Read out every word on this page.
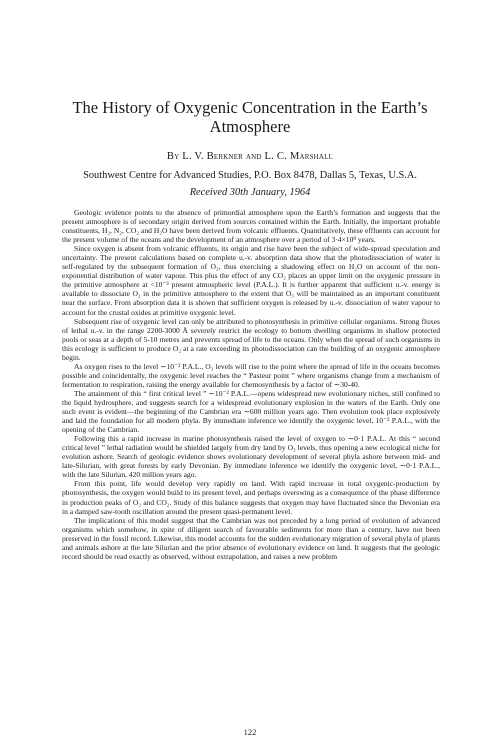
The History of Oxygenic Concentration in the Earth’s Atmosphere

By L. V. Berkner and L. C. Marshall

Southwest Centre for Advanced Studies, P.O. Box 8478, Dallas 5, Texas, U.S.A.

Received 30th January, 1964

Geologic evidence points to the absence of primordial atmosphere upon the Earth’s formation and suggests that the present atmosphere is of secondary origin derived from sources contained within the Earth. Initially, the important probable constituents, H₂, N₂, CO₂ and H₂O have been derived from volcanic effluents. Quantitatively, these effluents can account for the present volume of the oceans and the development of an atmosphere over a period of 3·4×10⁹ years.

Since oxygen is absent from volcanic effluents, its origin and rise have been the subject of wide-spread speculation and uncertainty. The present calculations based on complete u.-v. absorption data show that the photodissociation of water is self-regulated by the subsequent formation of O₂, thus exercising a shadowing effect on H₂O on account of the non-exponential distribution of water vapour. This plus the effect of any CO₂ places an upper limit on the oxygenic pressure in the primitive atmosphere at <10⁻³ present atmospheric level (P.A.L.). It is further apparent that sufficient u.-v. energy is available to dissociate O₂ in the primitive atmosphere to the extent that O₃ will be maintained as an important constituent near the surface. From absorption data it is shown that sufficient oxygen is released by u.-v. dissociation of water vapour to account for the crustal oxides at primitive oxygenic level.

Subsequent rise of oxygenic level can only be attributed to photosynthesis in primitive cellular organisms. Strong fluxes of lethal u.-v. in the range 2200-3000 Å severely restrict the ecology to bottom dwelling organisms in shallow protected pools or seas at a depth of 5-10 metres and prevents spread of life to the oceans. Only when the spread of such organisms in this ecology is sufficient to produce O₂ at a rate exceeding its photodissociation can the building of an oxygenic atmosphere begin.

As oxygen rises to the level ∼10⁻² P.A.L., O₃ levels will rise to the point where the spread of life in the oceans becomes possible and coincidentally, the oxygenic level reaches the “ Pasteur point ” where organisms change from a mechanism of fermentation to respiration, raising the energy available for chemosynthesis by a factor of ∼30-40.

The attainment of this “ first critical level ” ∼10⁻² P.A.L.—opens widespread new evolutionary niches, still confined to the liquid hydrosphere, and suggests search for a widespread evolutionary explosion in the waters of the Earth. Only one such event is evident—the beginning of the Cambrian era ∼600 million years ago. Then evolution took place explosively and laid the foundation for all modern phyla. By immediate inference we identify the oxygenic level, 10⁻² P.A.L., with the opening of the Cambrian.

Following this a rapid increase in marine photosynthesis raised the level of oxygen to ∼0·1 P.A.L. At this “ second critical level ” lethal radiation would be shielded largely from dry land by O₃ levels, thus opening a new ecological niche for evolution ashore. Search of geologic evidence shows evolutionary development of several phyla ashore between mid- and late-Silurian, with great forests by early Devonian. By immediate inference we identify the oxygenic level, ∼0·1 P.A.L., with the late Silurian, 420 million years ago.

From this point, life would develop very rapidly on land. With rapid increase in total oxygenic-production by photosynthesis, the oxygen would build to its present level, and perhaps overswing as a consequence of the phase difference in production peaks of O₂ and CO₂. Study of this balance suggests that oxygen may have fluctuated since the Devonian era in a damped saw-tooth oscillation around the present quasi-permanent level.

The implications of this model suggest that the Cambrian was not preceded by a long period of evolution of advanced organisms which somehow, in spite of diligent search of favourable sediments for more than a century, have not been preserved in the fossil record. Likewise, this model accounts for the sudden evolutionary migration of several phyla of plants and animals ashore at the late Silurian and the prior absence of evolutionary evidence on land. It suggests that the geologic record should be read exactly as observed, without extrapolation, and raises a new problem

122
